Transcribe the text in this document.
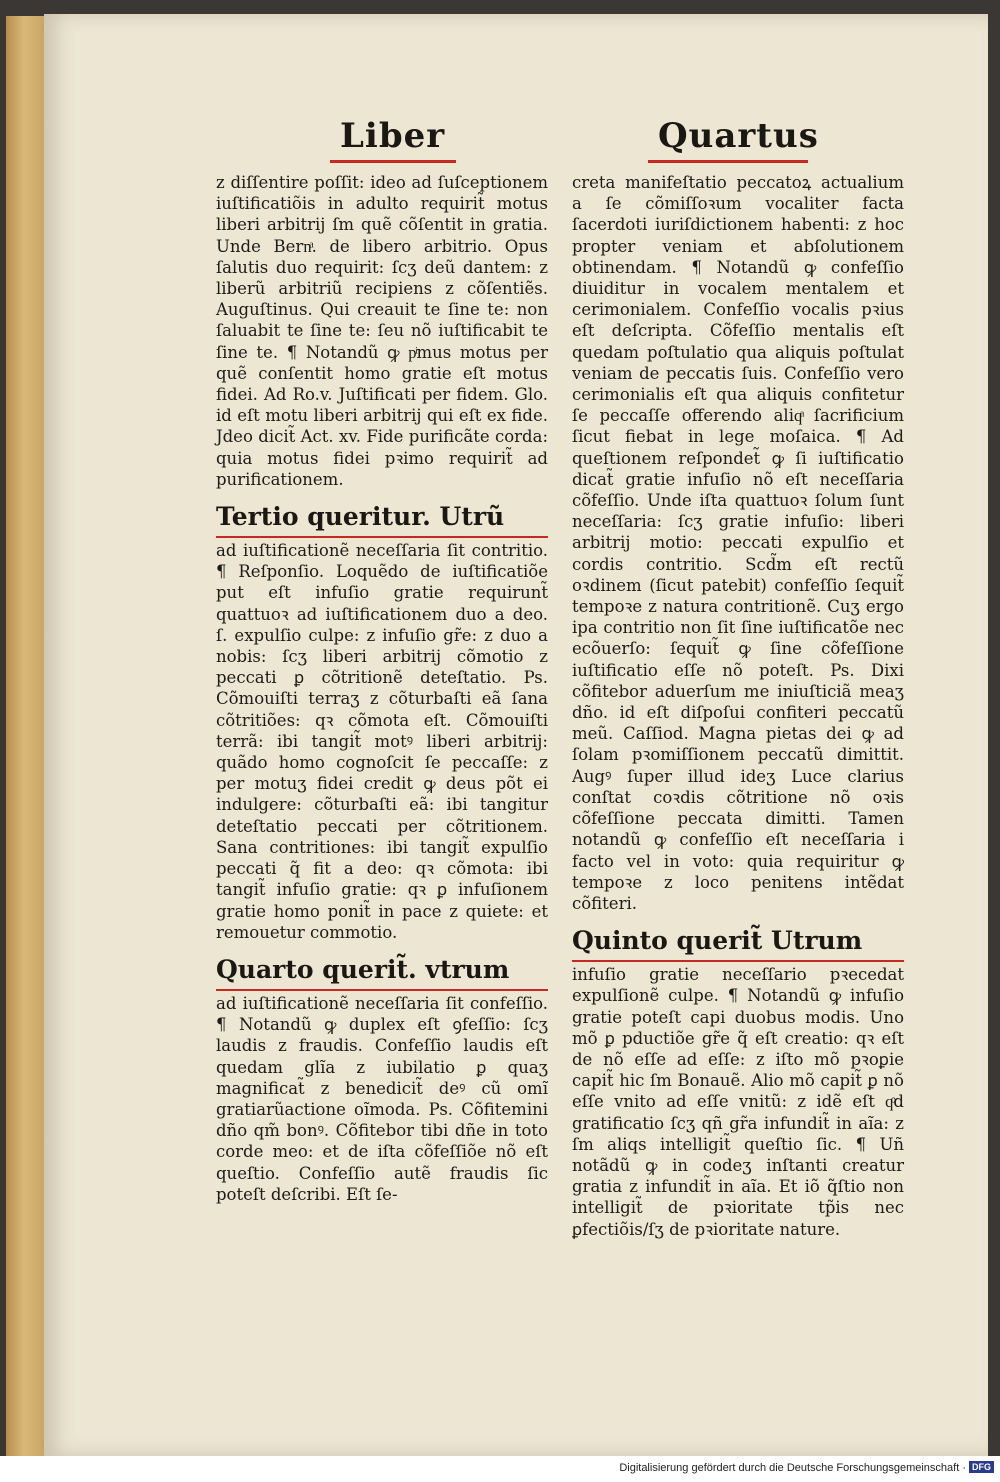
Liber	Quartus

z diſſentire poſſit: ideo ad ſuſceptionem iuſtificatiõis in adulto requirit̃ motus liberi arbitrij ſm quẽ cõſentit in gratia. Unde Bernͣ. de libero arbitrio. Opus ſalutis duo requirit: ſcʒ deũ dantem: z liberũ arbitriũ recipiens z cõſentiẽs. Auguſtinus. Qui creauit te ſine te: non ſaluabit te ſine te: ſeu nõ iuſtificabit te ſine te. ¶ Notandũ ꝙ pͥmus motus per quẽ conſentit homo gratie eſt motus fidei. Ad Ro.v. Juſtificati per fidem. Glo. id eſt motu liberi arbitrij qui eſt ex fide. Jdeo dicit̃ Act. xv. Fide purificãte corda: quia motus fidei pꝛimo requirit̃ ad purificationem.

Tertio queritur. Utrũ

ad iuſtificationẽ neceſſaria ſit contritio. ¶ Reſponſio. Loquẽdo de iuſtificatiõe put eſt infuſio gratie requirunt̃ quattuoꝛ ad iuſtificationem duo a deo. ſ. expulſio culpe: z infuſio gr̃e: z duo a nobis: ſcʒ liberi arbitrij cõmotio z peccati ꝑ cõtritionẽ deteſtatio. Ps. Cõmouiſti terraʒ z cõturbaſti eã ſana cõtritiões: qꝛ cõmota eſt. Cõmouiſti terrã: ibi tangit̃ motꝰ liberi arbitrij: quãdo homo cognoſcit ſe peccaſſe: z per motuʒ fidei credit ꝙ deus põt ei indulgere: cõturbaſti eã: ibi tangitur deteſtatio peccati per cõtritionem. Sana contritiones: ibi tangit̃ expulſio peccati q̃ fit a deo: qꝛ cõmota: ibi tangit̃ infuſio gratie: qꝛ ꝑ infuſionem gratie homo ponit̃ in pace z quiete: et remouetur commotio.

Quarto querit̃. vtrum

ad iuſtificationẽ neceſſaria ſit confeſſio. ¶ Notandũ ꝙ duplex eſt ꝯfeſſio: ſcʒ laudis z fraudis. Confeſſio laudis eſt quedam glĩa z iubilatio ꝑ quaʒ magnificat̃ z benedicit̃ deꝰ cũ omĩ gratiarũactione oĩmoda. Ps. Cõfitemini dño qm̃ bonꝰ. Cõfitebor tibi dñe in toto corde meo: et de iſta cõfeſſiõe nõ eſt queſtio. Confeſſio autẽ fraudis ſic poteſt deſcribi. Eſt ſe-

creta manifeſtatio peccatoꝝ actualium a ſe cõmiſſoꝛum vocaliter facta ſacerdoti iuriſdictionem habenti: z hoc propter veniam et abſolutionem obtinendam. ¶ Notandũ ꝙ confeſſio diuiditur in vocalem mentalem et cerimonialem. Confeſſio vocalis pꝛius eſt deſcripta. Cõfeſſio mentalis eſt quedam poſtulatio qua aliquis poſtulat veniam de peccatis ſuis. Confeſſio vero cerimonialis eſt qua aliquis confitetur ſe peccaſſe offerendo aliqͣ ſacrificium ſicut fiebat in lege moſaica. ¶ Ad queſtionem reſpondet̃ ꝙ ſi iuſtificatio dicat̃ gratie infuſio nõ eſt neceſſaria cõfeſſio. Unde iſta quattuoꝛ ſolum ſunt neceſſaria: ſcʒ gratie infuſio: liberi arbitrij motio: peccati expulſio et cordis contritio. Scd̃m eſt rectũ oꝛdinem (ſicut patebit) confeſſio ſequit̃ tempoꝛe z natura contritionẽ. Cuʒ ergo ipa contritio non ſit ſine iuſtificatõe nec ecõuerſo: ſequit̃ ꝙ ſine cõfeſſione iuſtificatio eſſe nõ poteſt. Ps. Dixi cõfitebor aduerſum me iniuſticiã meaʒ dño. id eſt diſpoſui confiteri peccatũ meũ. Caſſiod. Magna pietas dei ꝙ ad ſolam pꝛomiſſionem peccatũ dimittit. Augꝰ ſuper illud ideʒ Luce clarius conſtat coꝛdis cõtritione nõ oꝛis cõfeſſione peccata dimitti. Tamen notandũ ꝙ confeſſio eſt neceſſaria i facto vel in voto: quia requiritur ꝙ tempoꝛe z loco penitens intẽdat cõfiteri.

Quinto querit̃ Utrum

infuſio gratie neceſſario pꝛecedat expulſionẽ culpe. ¶ Notandũ ꝙ infuſio gratie poteſt capi duobus modis. Uno mõ ꝑ pductiõe gr̃e q̃ eſt creatio: qꝛ eſt de nõ eſſe ad eſſe: z iſto mõ pꝛoꝑie capit̃ hic ſm Bonauẽ. Alio mõ capit̃ ꝑ nõ eſſe vnito ad eſſe vnitũ: z idẽ eſt qͦd gratificatio ſcʒ qñ gr̃a infundit̃ in aĩa: z ſm aliqs intelligit̃ queſtio ſic. ¶ Uñ notãdũ ꝙ in codeʒ inſtanti creatur gratia z infundit̃ in aĩa. Et iõ q̃ſtio non intelligit̃ de pꝛioritate tp̃is nec ꝑfectiõis/ſʒ de pꝛioritate nature.

Digitalisierung gefördert durch die Deutsche Forschungsgemeinschaft · DFG
